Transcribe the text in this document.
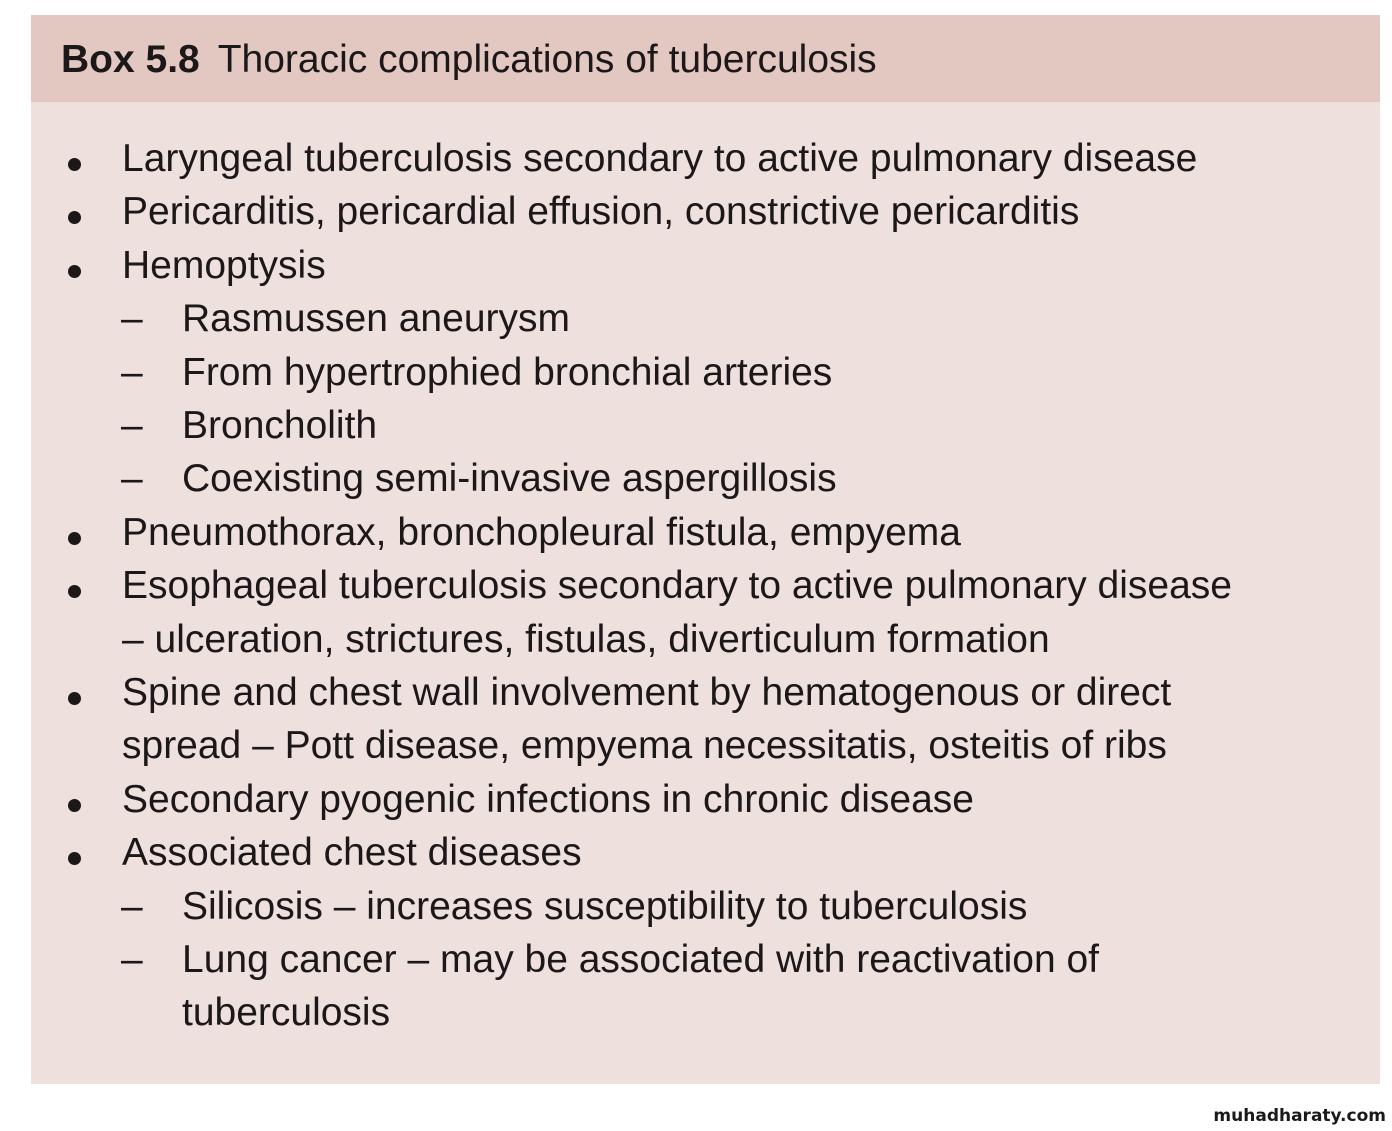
Box 5.8 Thoracic complications of tuberculosis
Laryngeal tuberculosis secondary to active pulmonary disease
Pericarditis, pericardial effusion, constrictive pericarditis
Hemoptysis
– Rasmussen aneurysm
– From hypertrophied bronchial arteries
– Broncholith
– Coexisting semi-invasive aspergillosis
Pneumothorax, bronchopleural fistula, empyema
Esophageal tuberculosis secondary to active pulmonary disease
– ulceration, strictures, fistulas, diverticulum formation
Spine and chest wall involvement by hematogenous or direct
spread – Pott disease, empyema necessitatis, osteitis of ribs
Secondary pyogenic infections in chronic disease
Associated chest diseases
– Silicosis – increases susceptibility to tuberculosis
– Lung cancer – may be associated with reactivation of
tuberculosis
muhadharaty.com
